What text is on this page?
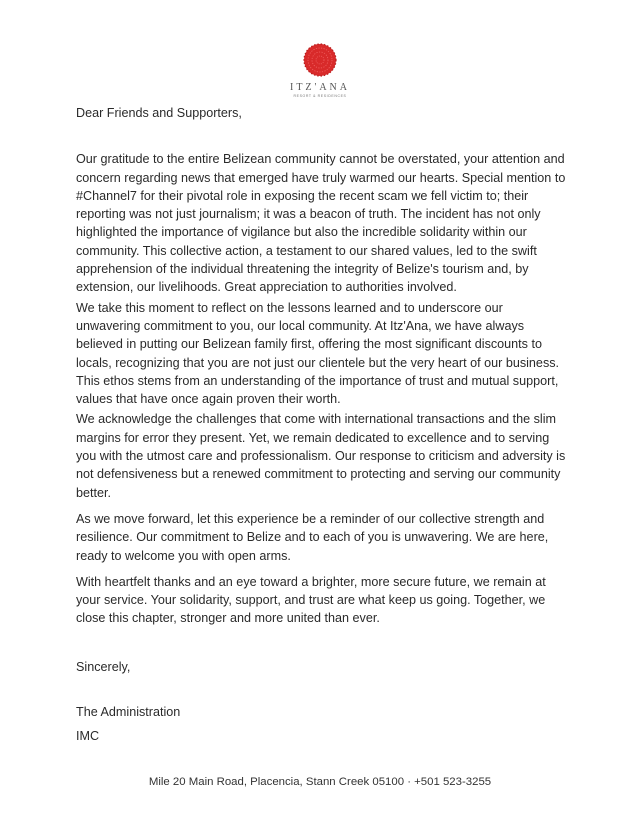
ITZ'ANA
RESORT & RESIDENCES

Dear Friends and Supporters,

Our gratitude to the entire Belizean community cannot be overstated, your attention and concern regarding news that emerged have truly warmed our hearts. Special mention to #Channel7 for their pivotal role in exposing the recent scam we fell victim to; their reporting was not just journalism; it was a beacon of truth. The incident has not only highlighted the importance of vigilance but also the incredible solidarity within our community. This collective action, a testament to our shared values, led to the swift apprehension of the individual threatening the integrity of Belize's tourism and, by extension, our livelihoods. Great appreciation to authorities involved.

We take this moment to reflect on the lessons learned and to underscore our unwavering commitment to you, our local community. At Itz'Ana, we have always believed in putting our Belizean family first, offering the most significant discounts to locals, recognizing that you are not just our clientele but the very heart of our business. This ethos stems from an understanding of the importance of trust and mutual support, values that have once again proven their worth.

We acknowledge the challenges that come with international transactions and the slim margins for error they present. Yet, we remain dedicated to excellence and to serving you with the utmost care and professionalism. Our response to criticism and adversity is not defensiveness but a renewed commitment to protecting and serving our community better.

As we move forward, let this experience be a reminder of our collective strength and resilience. Our commitment to Belize and to each of you is unwavering. We are here, ready to welcome you with open arms.

With heartfelt thanks and an eye toward a brighter, more secure future, we remain at your service. Your solidarity, support, and trust are what keep us going. Together, we close this chapter, stronger and more united than ever.

Sincerely,

The Administration

IMC

Mile 20 Main Road, Placencia, Stann Creek 05100 · +501 523-3255
